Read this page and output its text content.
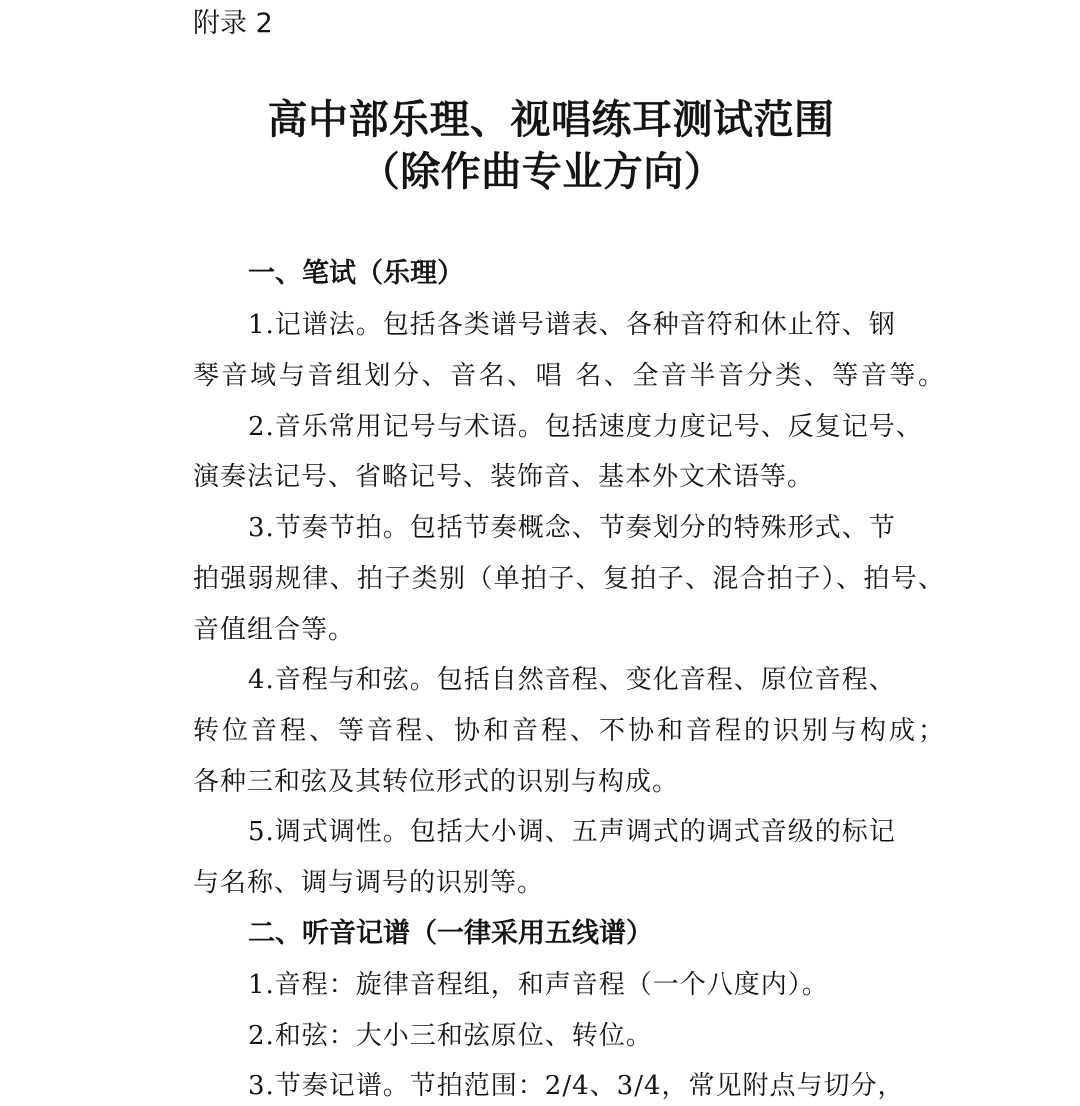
附录 2
高中部乐理、视唱练耳测试范围
（除作曲专业方向）
一、笔试（乐理）
1.记谱法。包括各类谱号谱表、各种音符和休止符、钢
琴音域与音组划分、音名、唱 名、全音半音分类、等音等。
2.音乐常用记号与术语。包括速度力度记号、反复记号、
演奏法记号、省略记号、装饰音、基本外文术语等。
3.节奏节拍。包括节奏概念、节奏划分的特殊形式、节
拍强弱规律、拍子类别（单拍子、复拍子、混合拍子）、拍号、
音值组合等。
4.音程与和弦。包括自然音程、变化音程、原位音程、
转位音程、等音程、协和音程、不协和音程的识别与构成；
各种三和弦及其转位形式的识别与构成。
5.调式调性。包括大小调、五声调式的调式音级的标记
与名称、调与调号的识别等。
二、听音记谱（一律采用五线谱）
1.音程：旋律音程组，和声音程（一个八度内）。
2.和弦：大小三和弦原位、转位。
3.节奏记谱。节拍范围：2/4、3/4，常见附点与切分，
